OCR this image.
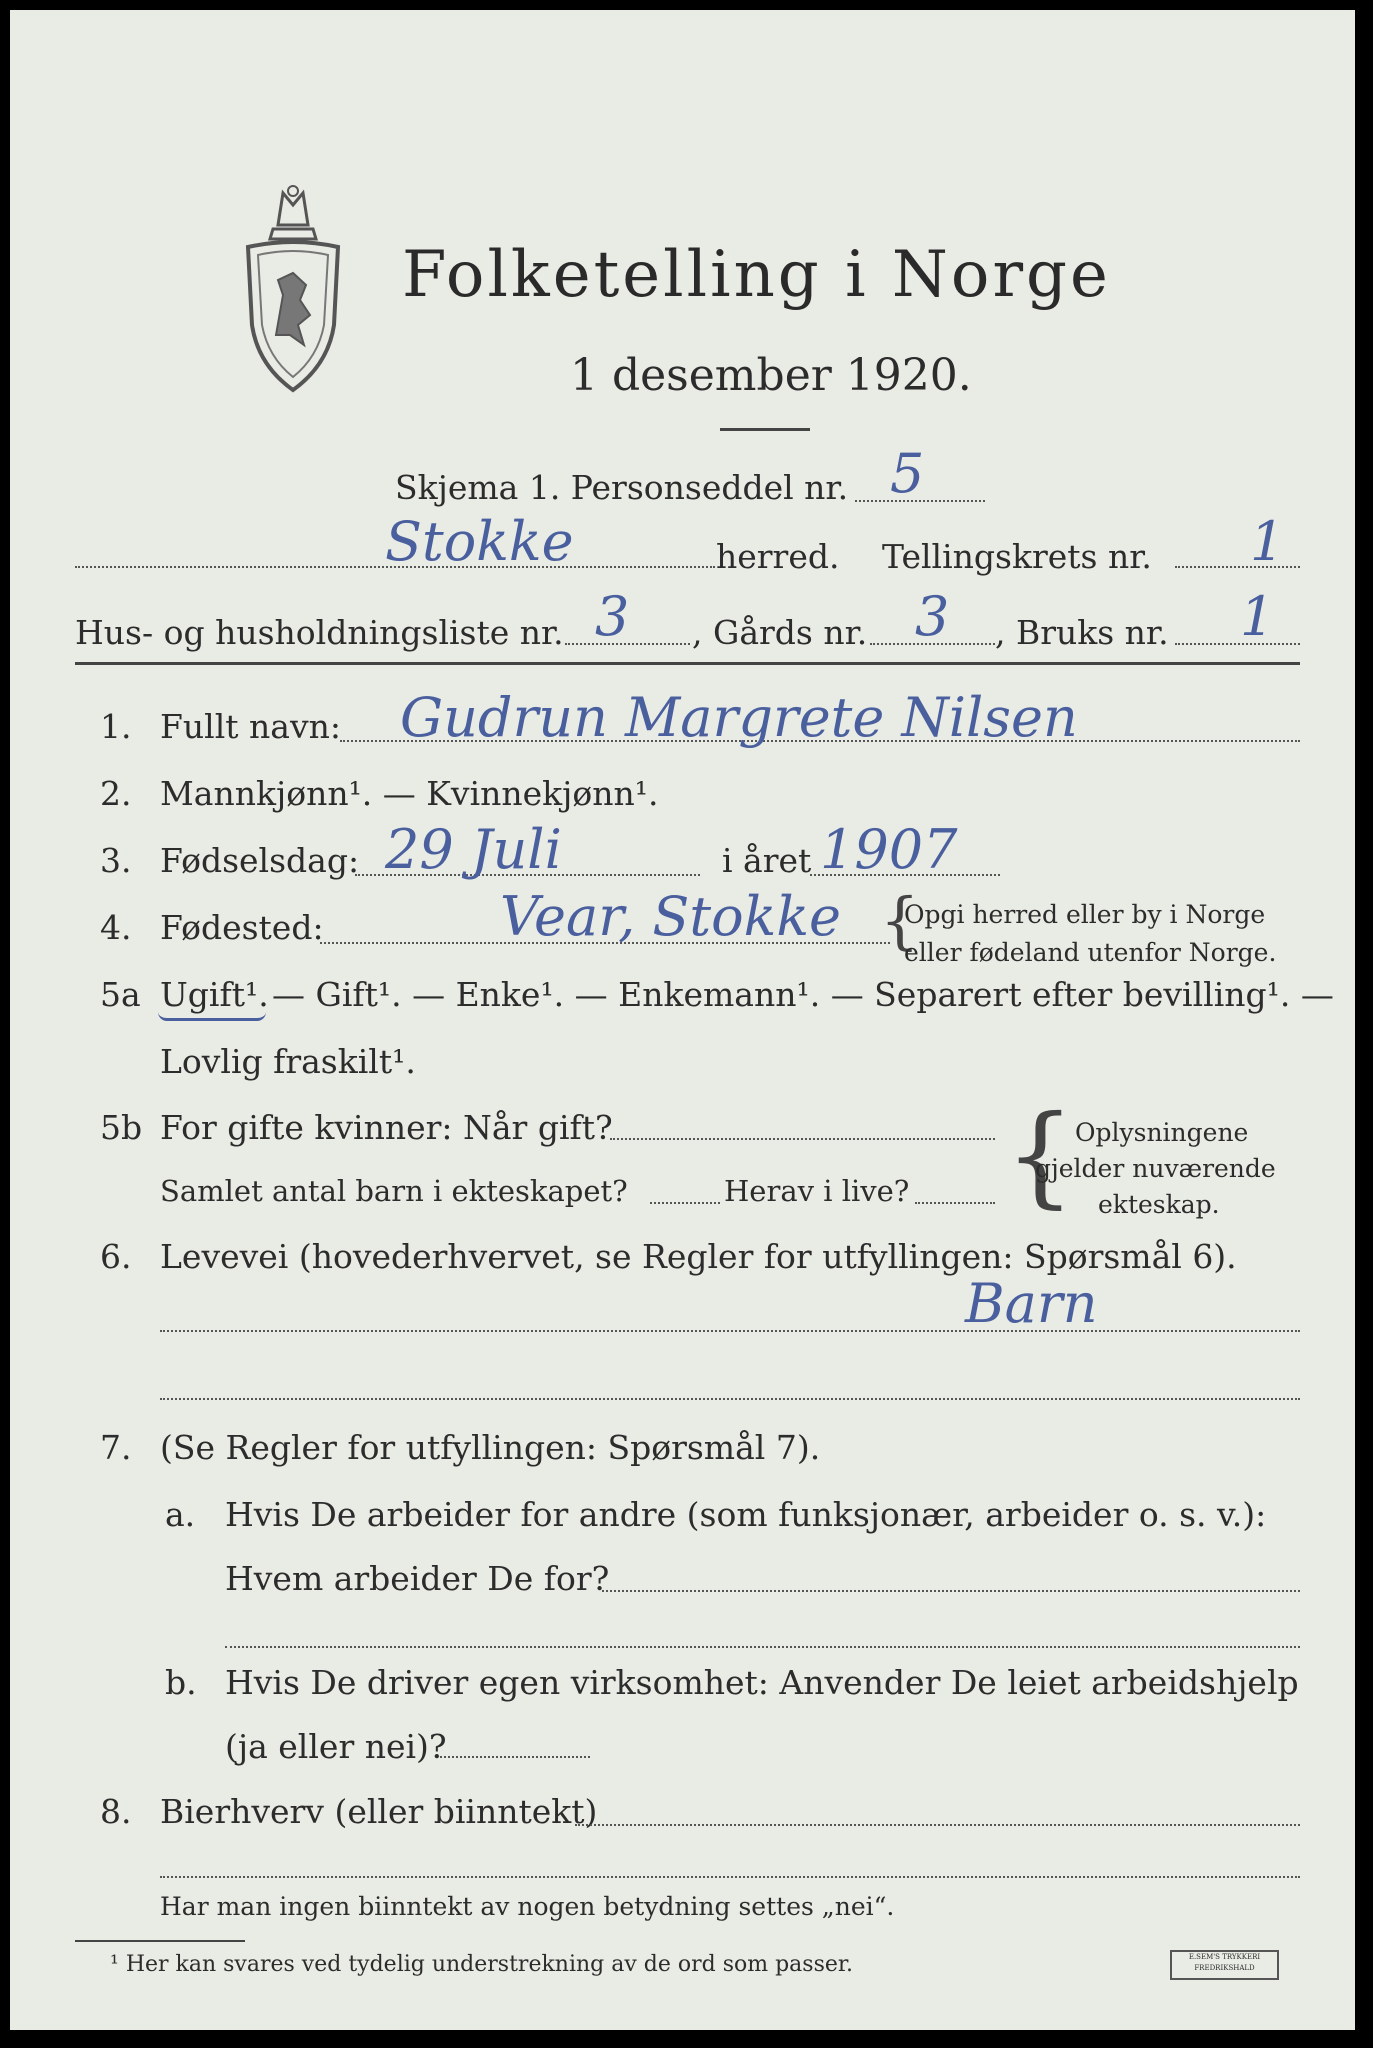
Folketelling i Norge
1 desember 1920.
Skjema 1. Personseddel nr. 5
Stokke	herred. Tellingskrets nr. 1
Hus- og husholdningsliste nr. 3 , Gårds nr. 3 , Bruks nr. 1
1. Fullt navn: Gudrun Margrete Nilsen
2. Mannkjønn¹. — Kvinnekjønn¹.
3. Fødselsdag: 29 Juli	i året 1907
4. Fødested:	Vear, Stokke {
Opgi herred eller by i Norge
eller fødeland utenfor Norge.
5a Ugift¹. — Gift¹. — Enke¹. — Enkemann¹. — Separert efter bevilling¹. —
Lovlig fraskilt¹.
5b For gifte kvinner: Når gift?
Samlet antal barn i ekteskapet?	Herav i live? { Oplysningene
gjelder nuværende
ekteskap.
6. Levevei (hovederhvervet, se Regler for utfyllingen: Spørsmål 6).
Barn
7. (Se Regler for utfyllingen: Spørsmål 7).
a. Hvis De arbeider for andre (som funksjonær, arbeider o. s. v.):
Hvem arbeider De for?
b. Hvis De driver egen virksomhet: Anvender De leiet arbeidshjelp
(ja eller nei)?
8. Bierhverv (eller biinntekt)
Har man ingen biinntekt av nogen betydning settes „nei“.
¹ Her kan svares ved tydelig understrekning av de ord som passer.	E.SEM'S TRYKKERI FREDRIKSHALD
